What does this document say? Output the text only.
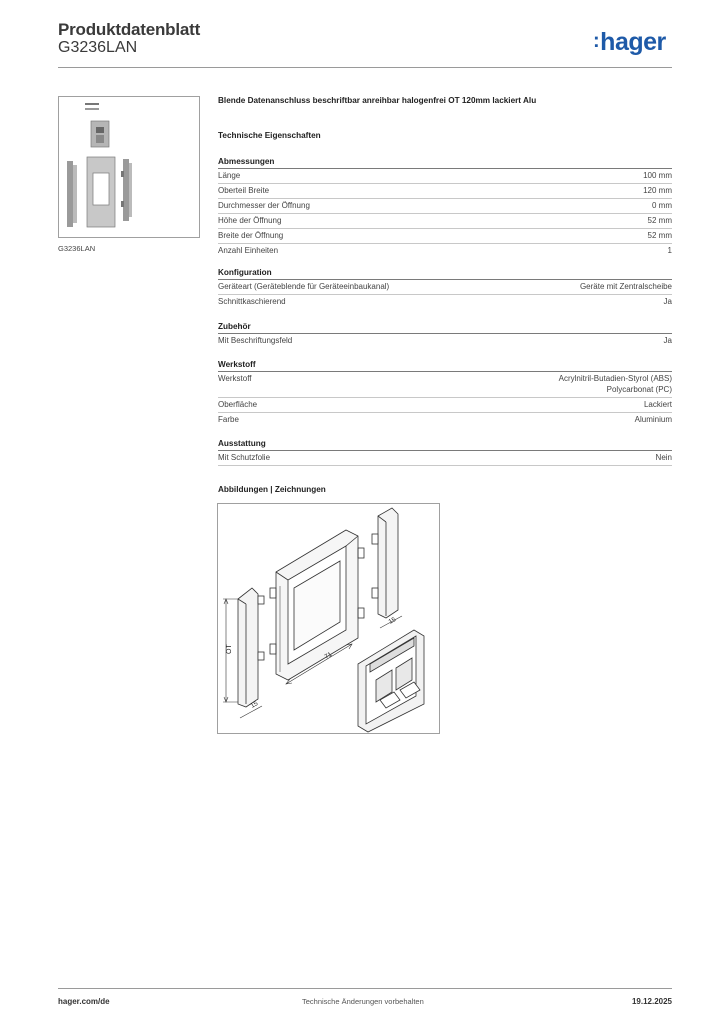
Produktdatenblatt
G3236LAN	:hager
G3236LAN
Blende Datenanschluss beschriftbar anreihbar halogenfrei OT 120mm lackiert Alu
Technische Eigenschaften
Abmessungen
Länge	100 mm
Oberteil Breite	120 mm
Durchmesser der Öffnung	0 mm
Höhe der Öffnung	52 mm
Breite der Öffnung	52 mm
Anzahl Einheiten	1
Konfiguration
Geräteart (Geräteblende für Geräteeinbaukanal)	Geräte mit Zentralscheibe
Schnittkaschierend	Ja
Zubehör
Mit Beschriftungsfeld	Ja
Werkstoff
Werkstoff	Acrylnitril-Butadien-Styrol (ABS)
Polycarbonat (PC)
Oberfläche	Lackiert
Farbe	Aluminium
Ausstattung
Mit Schutzfolie	Nein
Abbildungen | Zeichnungen
OT
15
71
15
hager.com/de	Technische Änderungen vorbehalten	19.12.2025
